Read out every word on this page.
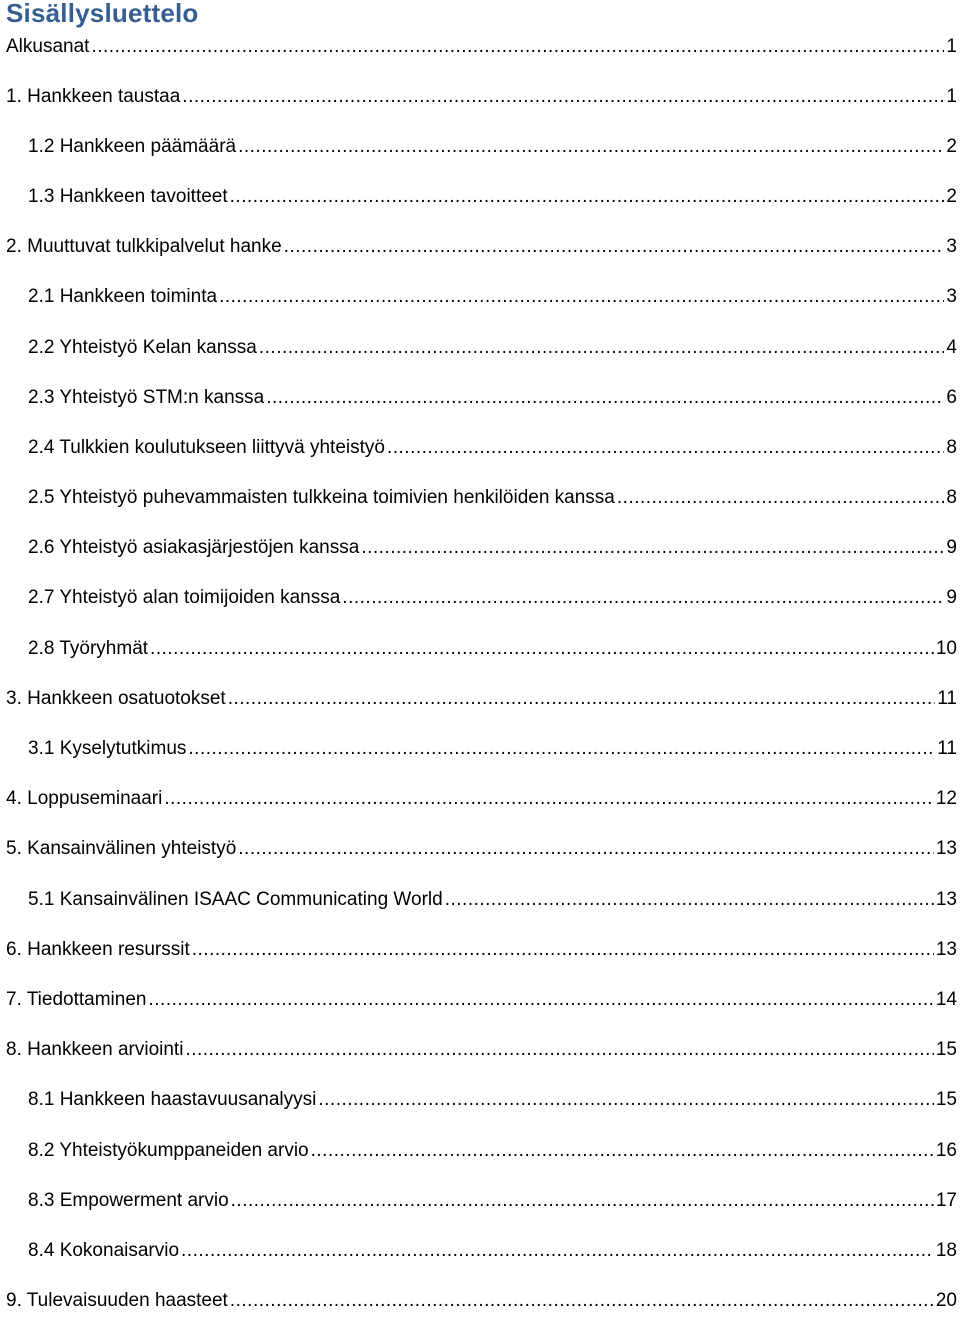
Sisällysluettelo
Alkusanat .....	1
1. Hankkeen taustaa .....	1
1.2 Hankkeen päämäärä .....	2
1.3 Hankkeen tavoitteet .....	2
2. Muuttuvat tulkkipalvelut hanke .....	3
2.1 Hankkeen toiminta .....	3
2.2 Yhteistyö Kelan kanssa .....	4
2.3 Yhteistyö STM:n kanssa .....	6
2.4 Tulkkien koulutukseen liittyvä yhteistyö .....	8
2.5 Yhteistyö puhevammaisten tulkkeina toimivien henkilöiden kanssa .....	8
2.6 Yhteistyö asiakasjärjestöjen kanssa .....	9
2.7 Yhteistyö alan toimijoiden kanssa .....	9
2.8 Työryhmät .....	10
3. Hankkeen osatuotokset .....	11
3.1 Kyselytutkimus .....	11
4. Loppuseminaari .....	12
5. Kansainvälinen yhteistyö .....	13
5.1 Kansainvälinen ISAAC Communicating World .....	13
6. Hankkeen resurssit .....	13
7. Tiedottaminen .....	14
8. Hankkeen arviointi .....	15
8.1 Hankkeen haastavuusanalyysi .....	15
8.2 Yhteistyökumppaneiden arvio .....	16
8.3 Empowerment arvio .....	17
8.4 Kokonaisarvio .....	18
9. Tulevaisuuden haasteet .....	20
